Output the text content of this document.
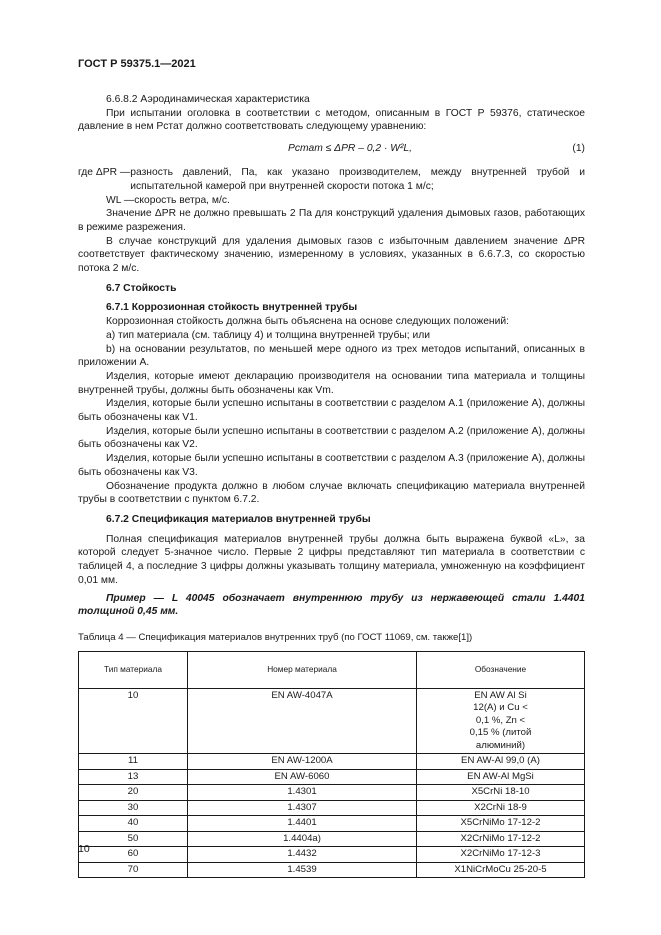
ГОСТ Р 59375.1—2021
6.6.8.2 Аэродинамическая характеристика
При испытании оголовка в соответствии с методом, описанным в ГОСТ Р 59376, статическое давление в нем Pстат должно соответствовать следующему уравнению:
Pстат ≤ ΔPR – 0,2 · W²L,	(1)
где ΔPR — разность давлений, Па, как указано производителем, между внутренней трубой и испытательной камерой при внутренней скорости потока 1 м/с;
WL — скорость ветра, м/с.
Значение ΔPR не должно превышать 2 Па для конструкций удаления дымовых газов, работающих в режиме разрежения.
В случае конструкций для удаления дымовых газов с избыточным давлением значение ΔPR соответствует фактическому значению, измеренному в условиях, указанных в 6.6.7.3, со скоростью потока 2 м/с.
6.7 Стойкость
6.7.1 Коррозионная стойкость внутренней трубы
Коррозионная стойкость должна быть объяснена на основе следующих положений:
а) тип материала (см. таблицу 4) и толщина внутренней трубы; или
b) на основании результатов, по меньшей мере одного из трех методов испытаний, описанных в приложении А.
Изделия, которые имеют декларацию производителя на основании типа материала и толщины внутренней трубы, должны быть обозначены как Vm.
Изделия, которые были успешно испытаны в соответствии с разделом А.1 (приложение А), должны быть обозначены как V1.
Изделия, которые были успешно испытаны в соответствии с разделом А.2 (приложение А), должны быть обозначены как V2.
Изделия, которые были успешно испытаны в соответствии с разделом А.3 (приложение А), должны быть обозначены как V3.
Обозначение продукта должно в любом случае включать спецификацию материала внутренней трубы в соответствии с пунктом 6.7.2.
6.7.2 Спецификация материалов внутренней трубы
Полная спецификация материалов внутренней трубы должна быть выражена буквой «L», за которой следует 5-значное число. Первые 2 цифры представляют тип материала в соответствии с таблицей 4, а последние 3 цифры должны указывать толщину материала, умноженную на коэффициент 0,01 мм.
Пример — L 40045 обозначает внутреннюю трубу из нержавеющей стали 1.4401 толщиной 0,45 мм.
Таблица 4 — Спецификация материалов внутренних труб (по ГОСТ 11069, см. также[1])
Тип материала	Номер материала	Обозначение
10	EN AW-4047A	EN AW Al Si 12(A) и Cu < 0,1 %, Zn < 0,15 % (литой алюминий)
11	EN AW-1200A	EN AW-Al 99,0 (A)
13	EN AW-6060	EN AW-Al MgSi
20	1.4301	X5CrNi 18-10
30	1.4307	X2CrNi 18-9
40	1.4401	X5CrNiMo 17-12-2
50	1.4404a)	X2CrNiMo 17-12-2
60	1.4432	X2CrNiMo 17-12-3
70	1.4539	X1NiCrMoCu 25-20-5
10
